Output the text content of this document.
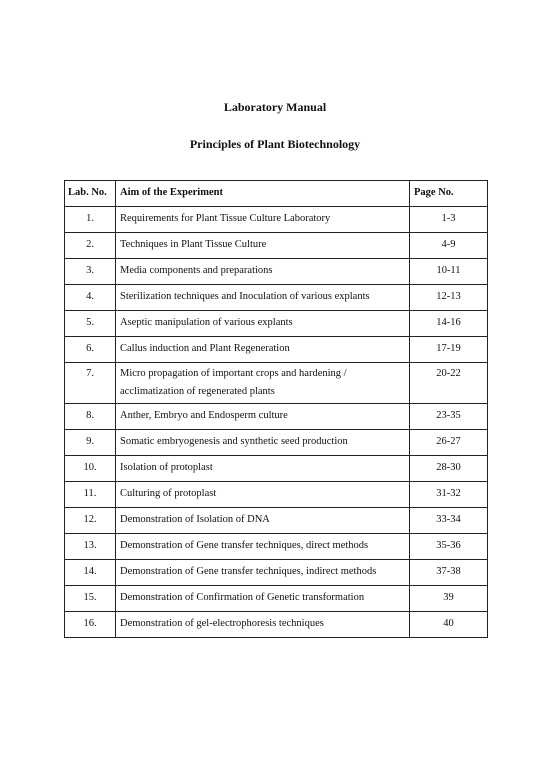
Laboratory Manual
Principles of Plant Biotechnology
Lab. No.	Aim of the Experiment	Page No.
1.	Requirements for Plant Tissue Culture Laboratory	1-3
2.	Techniques in Plant Tissue Culture	4-9
3.	Media components and preparations	10-11
4.	Sterilization techniques and Inoculation of various explants	12-13
5.	Aseptic manipulation of various explants	14-16
6.	Callus induction and Plant Regeneration	17-19
7.	Micro propagation of important crops and hardening / acclimatization of regenerated plants	20-22
8.	Anther, Embryo and Endosperm culture	23-35
9.	Somatic embryogenesis and synthetic seed production	26-27
10.	Isolation of protoplast	28-30
11.	Culturing of protoplast	31-32
12.	Demonstration of Isolation of DNA	33-34
13.	Demonstration of Gene transfer techniques, direct methods	35-36
14.	Demonstration of Gene transfer techniques, indirect methods	37-38
15.	Demonstration of Confirmation of Genetic transformation	39
16.	Demonstration of gel-electrophoresis techniques	40
